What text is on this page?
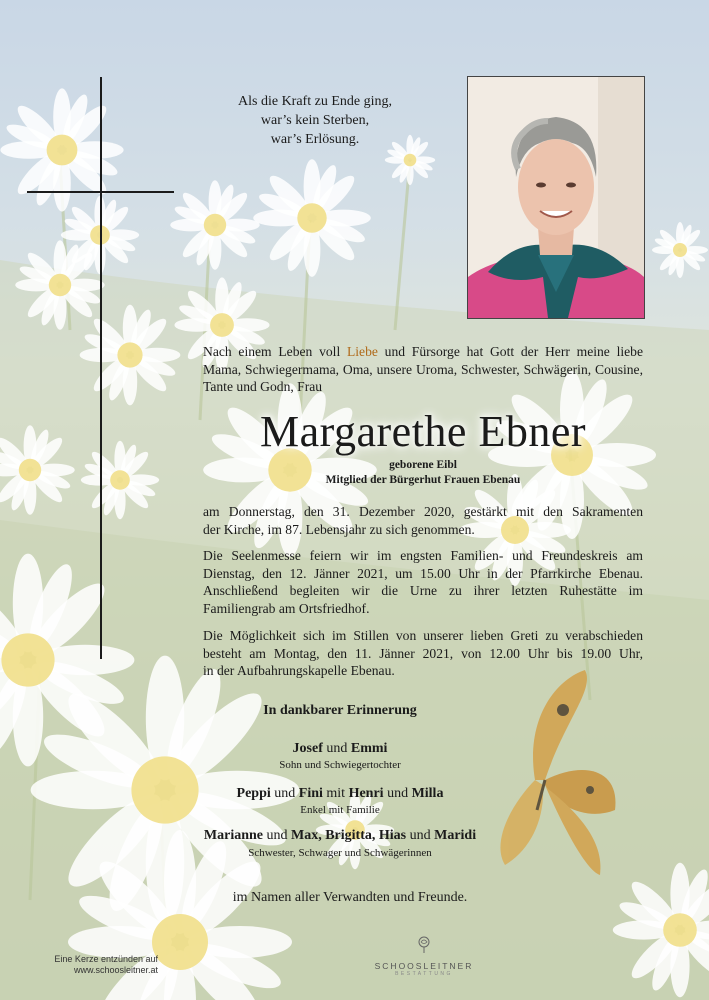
Als die Kraft zu Ende ging,
war’s kein Sterben,
war’s Erlösung.
Nach einem Leben voll Liebe und Fürsorge hat Gott der Herr meine liebe Mama, Schwiegermama, Oma, unsere Uroma, Schwester, Schwägerin, Cousine, Tante und Godn, Frau
Margarethe Ebner
geborene Eibl
Mitglied der Bürgerhut Frauen Ebenau
am Donnerstag, den 31. Dezember 2020, gestärkt mit den Sakramenten
der Kirche, im 87. Lebensjahr zu sich genommen.
Die Seelenmesse feiern wir im engsten Familien- und Freundeskreis am
Dienstag, den 12. Jänner 2021, um 15.00 Uhr in der Pfarrkirche Ebenau.
Anschließend begleiten wir die Urne zu ihrer letzten Ruhestätte im
Familiengrab am Ortsfriedhof.
Die Möglichkeit sich im Stillen von unserer lieben Greti zu verabschieden
besteht am Montag, den 11. Jänner 2021, von 12.00 Uhr bis 19.00 Uhr,
in der Aufbahrungskapelle Ebenau.
In dankbarer Erinnerung
Josef und Emmi
Sohn und Schwiegertochter
Peppi und Fini mit Henri und Milla
Enkel mit Familie
Marianne und Max, Brigitta, Hias und Maridi
Schwester, Schwager und Schwägerinnen
im Namen aller Verwandten und Freunde.
Eine Kerze entzünden auf
www.schoosleitner.at	SCHOOSLEITNER
BESTATTUNG
